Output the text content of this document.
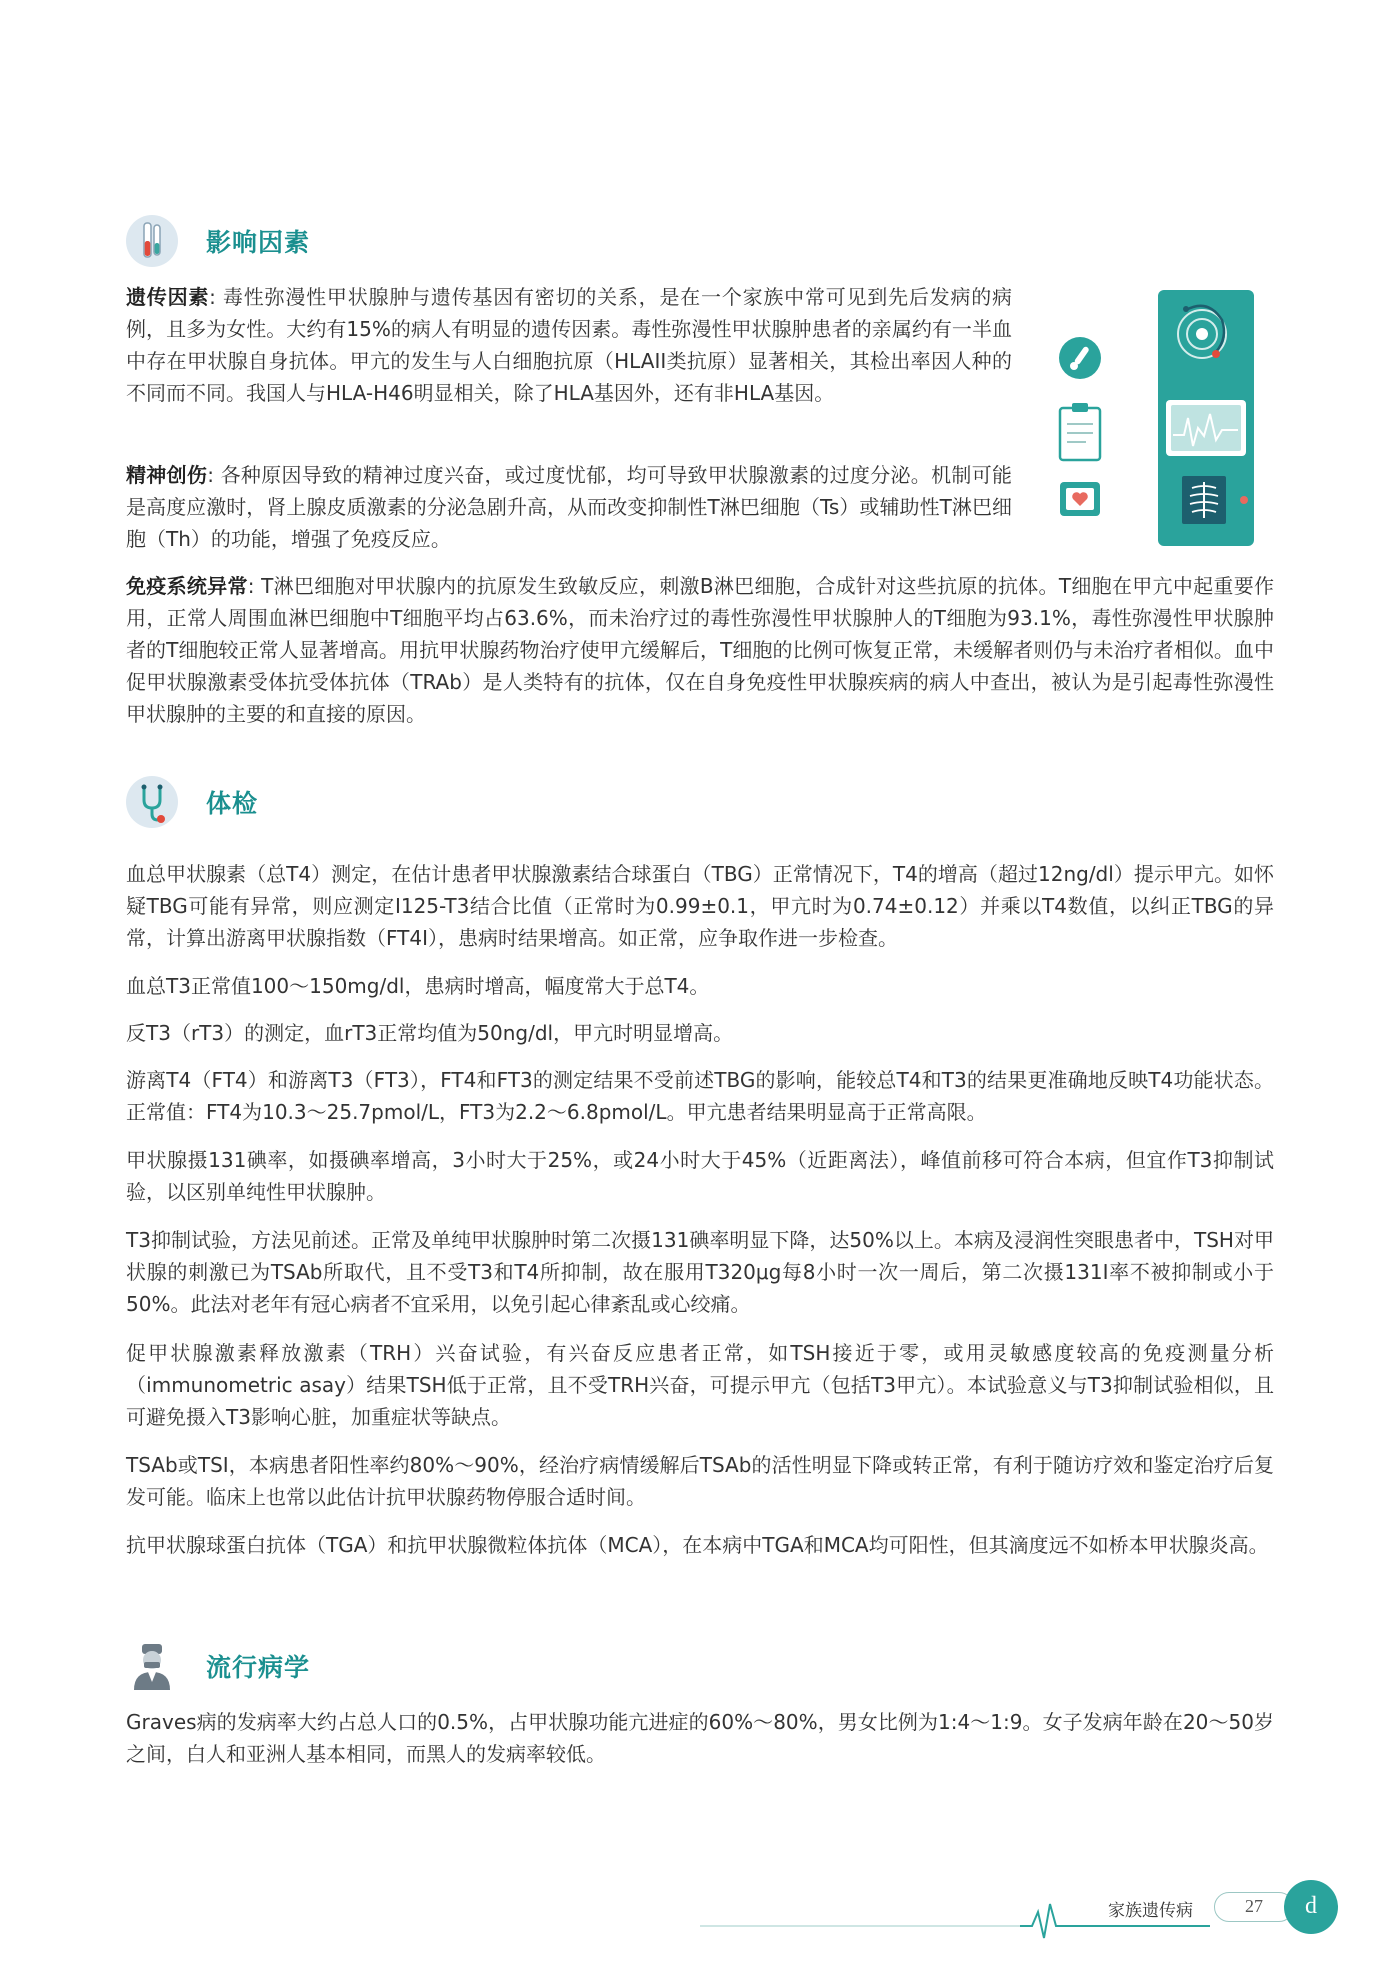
影响因素

遗传因素: 毒性弥漫性甲状腺肿与遗传基因有密切的关系，是在一个家族中常可见到先后发病的病例，且多为女性。大约有15%的病人有明显的遗传因素。毒性弥漫性甲状腺肿患者的亲属约有一半血中存在甲状腺自身抗体。甲亢的发生与人白细胞抗原（HLAII类抗原）显著相关，其检出率因人种的不同而不同。我国人与HLA-H46明显相关，除了HLA基因外，还有非HLA基因。

精神创伤: 各种原因导致的精神过度兴奋，或过度忧郁，均可导致甲状腺激素的过度分泌。机制可能是高度应激时，肾上腺皮质激素的分泌急剧升高，从而改变抑制性T淋巴细胞（Ts）或辅助性T淋巴细胞（Th）的功能，增强了免疫反应。

免疫系统异常: T淋巴细胞对甲状腺内的抗原发生致敏反应，刺激B淋巴细胞，合成针对这些抗原的抗体。T细胞在甲亢中起重要作用，正常人周围血淋巴细胞中T细胞平均占63.6%，而未治疗过的毒性弥漫性甲状腺肿人的T细胞为93.1%，毒性弥漫性甲状腺肿者的T细胞较正常人显著增高。用抗甲状腺药物治疗使甲亢缓解后，T细胞的比例可恢复正常，未缓解者则仍与未治疗者相似。血中促甲状腺激素受体抗受体抗体（TRAb）是人类特有的抗体，仅在自身免疫性甲状腺疾病的病人中查出，被认为是引起毒性弥漫性甲状腺肿的主要的和直接的原因。

体检

血总甲状腺素（总T4）测定，在估计患者甲状腺激素结合球蛋白（TBG）正常情况下，T4的增高（超过12ng/dl）提示甲亢。如怀疑TBG可能有异常，则应测定I125-T3结合比值（正常时为0.99±0.1，甲亢时为0.74±0.12）并乘以T4数值，以纠正TBG的异常，计算出游离甲状腺指数（FT4I），患病时结果增高。如正常，应争取作进一步检查。

血总T3正常值100～150mg/dl，患病时增高，幅度常大于总T4。

反T3（rT3）的测定，血rT3正常均值为50ng/dl，甲亢时明显增高。

游离T4（FT4）和游离T3（FT3），FT4和FT3的测定结果不受前述TBG的影响，能较总T4和T3的结果更准确地反映T4功能状态。正常值：FT4为10.3～25.7pmol/L，FT3为2.2～6.8pmol/L。甲亢患者结果明显高于正常高限。

甲状腺摄131碘率，如摄碘率增高，3小时大于25%，或24小时大于45%（近距离法），峰值前移可符合本病，但宜作T3抑制试验，以区别单纯性甲状腺肿。

T3抑制试验，方法见前述。正常及单纯甲状腺肿时第二次摄131碘率明显下降，达50%以上。本病及浸润性突眼患者中，TSH对甲状腺的刺激已为TSAb所取代，且不受T3和T4所抑制，故在服用T320μg每8小时一次一周后，第二次摄131I率不被抑制或小于50%。此法对老年有冠心病者不宜采用，以免引起心律紊乱或心绞痛。

促甲状腺激素释放激素（TRH）兴奋试验，有兴奋反应患者正常，如TSH接近于零，或用灵敏感度较高的免疫测量分析（immunometric asay）结果TSH低于正常，且不受TRH兴奋，可提示甲亢（包括T3甲亢）。本试验意义与T3抑制试验相似，且可避免摄入T3影响心脏，加重症状等缺点。

TSAb或TSI，本病患者阳性率约80%～90%，经治疗病情缓解后TSAb的活性明显下降或转正常，有利于随访疗效和鉴定治疗后复发可能。临床上也常以此估计抗甲状腺药物停服合适时间。

抗甲状腺球蛋白抗体（TGA）和抗甲状腺微粒体抗体（MCA），在本病中TGA和MCA均可阳性，但其滴度远不如桥本甲状腺炎高。

流行病学

Graves病的发病率大约占总人口的0.5%，占甲状腺功能亢进症的60%～80%，男女比例为1:4～1:9。女子发病年龄在20～50岁之间，白人和亚洲人基本相同，而黑人的发病率较低。

家族遗传病	27	d
